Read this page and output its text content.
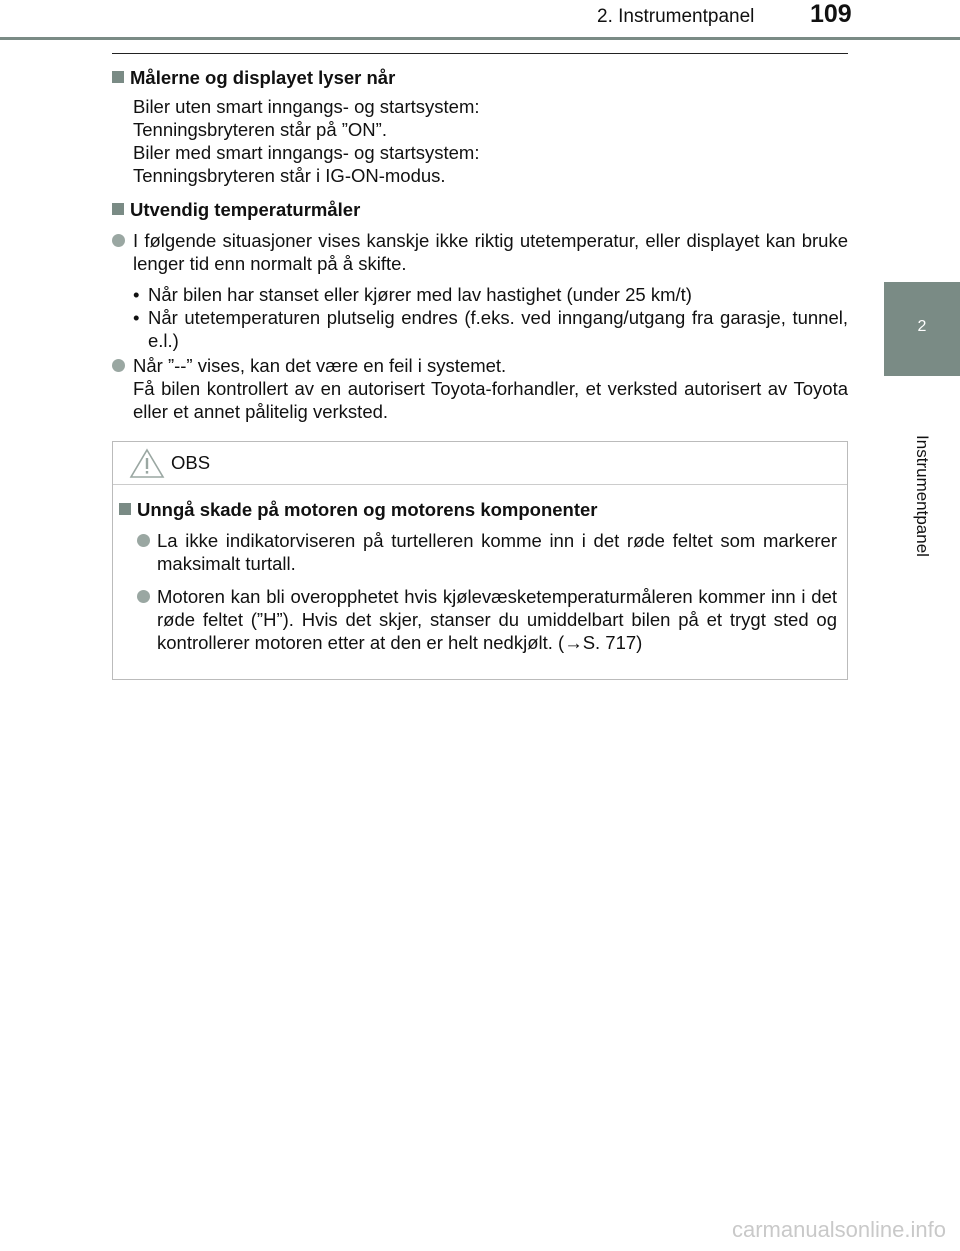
2. Instrumentpanel 109
2
Instrumentpanel
Målerne og displayet lyser når
Biler uten smart inngangs- og startsystem:
Tenningsbryteren står på ”ON”.
Biler med smart inngangs- og startsystem:
Tenningsbryteren står i IG-ON-modus.
Utvendig temperaturmåler
I følgende situasjoner vises kanskje ikke riktig utetemperatur, eller displayet kan bruke lenger tid enn normalt på å skifte.
• Når bilen har stanset eller kjører med lav hastighet (under 25 km/t)
• Når utetemperaturen plutselig endres (f.eks. ved inngang/utgang fra garasje, tunnel, e.l.)
Når ”--” vises, kan det være en feil i systemet.
Få bilen kontrollert av en autorisert Toyota-forhandler, et verksted autorisert av Toyota eller et annet pålitelig verksted.
OBS
Unngå skade på motoren og motorens komponenter
La ikke indikatorviseren på turtelleren komme inn i det røde feltet som markerer maksimalt turtall.
Motoren kan bli overopphetet hvis kjølevæsketemperaturmåleren kommer inn i det røde feltet (”H”). Hvis det skjer, stanser du umiddelbart bilen på et trygt sted og kontrollerer motoren etter at den er helt nedkjølt. (→S. 717)
carmanualsonline.info
